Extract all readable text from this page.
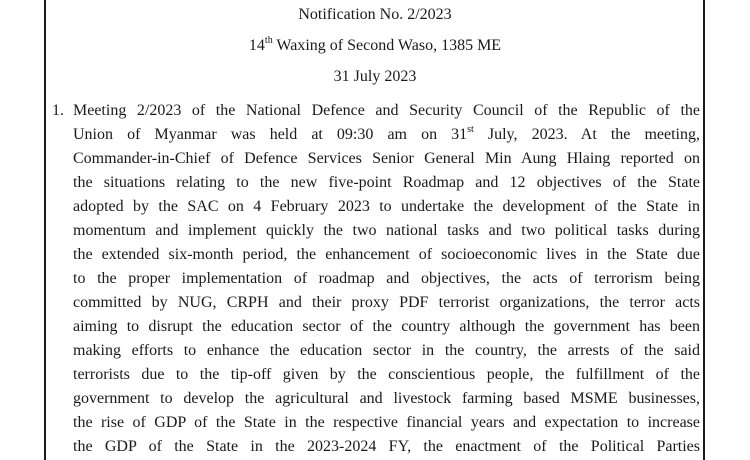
Notification No. 2/2023
14th Waxing of Second Waso, 1385 ME
31 July 2023
1. Meeting 2/2023 of the National Defence and Security Council of the Republic of the
Union of Myanmar was held at 09:30 am on 31st July, 2023. At the meeting,
Commander-in-Chief of Defence Services Senior General Min Aung Hlaing reported on
the situations relating to the new five-point Roadmap and 12 objectives of the State
adopted by the SAC on 4 February 2023 to undertake the development of the State in
momentum and implement quickly the two national tasks and two political tasks during
the extended six-month period, the enhancement of socioeconomic lives in the State due
to the proper implementation of roadmap and objectives, the acts of terrorism being
committed by NUG, CRPH and their proxy PDF terrorist organizations, the terror acts
aiming to disrupt the education sector of the country although the government has been
making efforts to enhance the education sector in the country, the arrests of the said
terrorists due to the tip-off given by the conscientious people, the fulfillment of the
government to develop the agricultural and livestock farming based MSME businesses,
the rise of GDP of the State in the respective financial years and expectation to increase
the GDP of the State in the 2023-2024 FY, the enactment of the Political Parties
